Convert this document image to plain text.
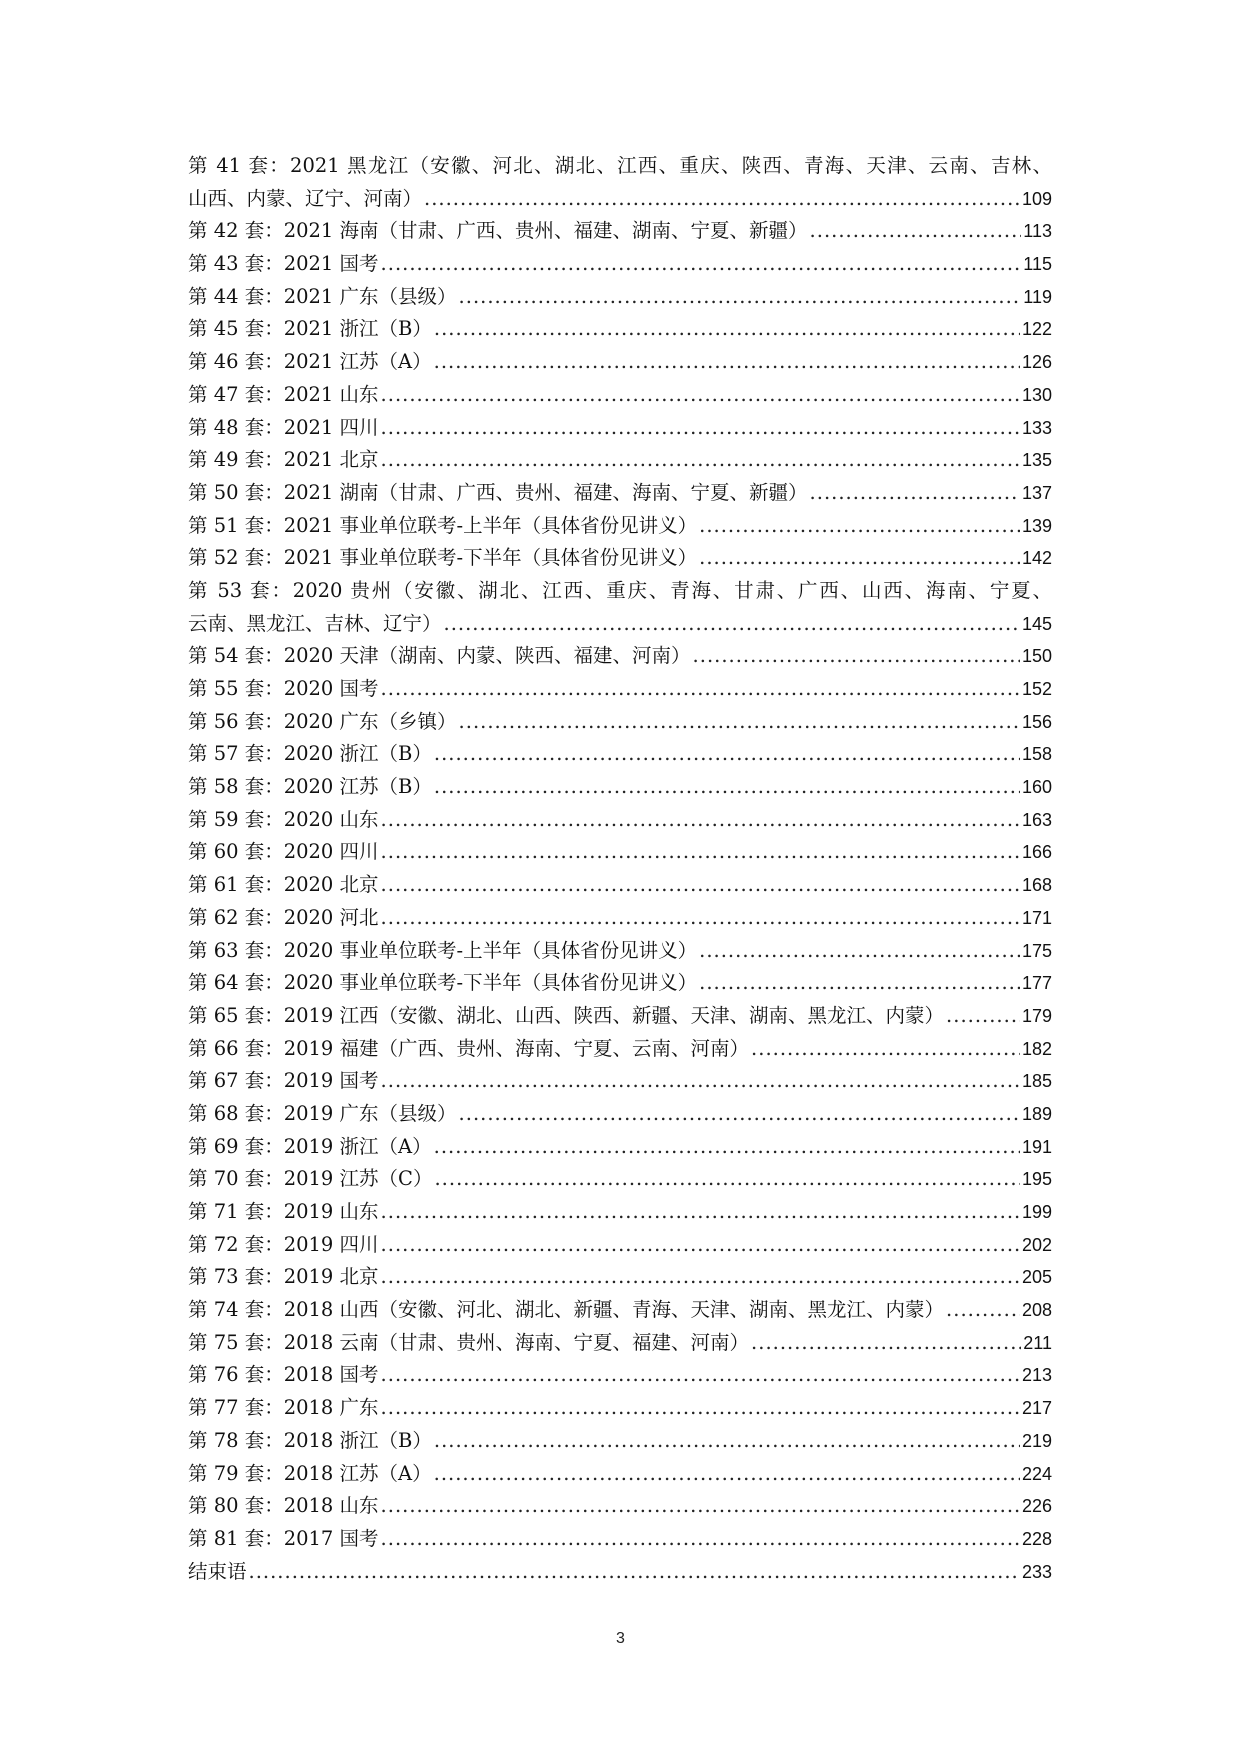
第 41 套：2021 黑龙江（安徽、河北、湖北、江西、重庆、陕西、青海、天津、云南、吉林、
山西、内蒙、辽宁、河南） .....	109
第 42 套：2021 海南（甘肃、广西、贵州、福建、湖南、宁夏、新疆） .....	113
第 43 套：2021 国考 .....	115
第 44 套：2021 广东（县级） .....	119
第 45 套：2021 浙江（B） .....	122
第 46 套：2021 江苏（A） .....	126
第 47 套：2021 山东 .....	130
第 48 套：2021 四川 .....	133
第 49 套：2021 北京 .....	135
第 50 套：2021 湖南（甘肃、广西、贵州、福建、海南、宁夏、新疆） .....	137
第 51 套：2021 事业单位联考-上半年（具体省份见讲义） .....	139
第 52 套：2021 事业单位联考-下半年（具体省份见讲义） .....	142
第 53 套：2020 贵州（安徽、湖北、江西、重庆、青海、甘肃、广西、山西、海南、宁夏、
云南、黑龙江、吉林、辽宁） .....	145
第 54 套：2020 天津（湖南、内蒙、陕西、福建、河南） .....	150
第 55 套：2020 国考 .....	152
第 56 套：2020 广东（乡镇） .....	156
第 57 套：2020 浙江（B） .....	158
第 58 套：2020 江苏（B） .....	160
第 59 套：2020 山东 .....	163
第 60 套：2020 四川 .....	166
第 61 套：2020 北京 .....	168
第 62 套：2020 河北 .....	171
第 63 套：2020 事业单位联考-上半年（具体省份见讲义） .....	175
第 64 套：2020 事业单位联考-下半年（具体省份见讲义） .....	177
第 65 套：2019 江西（安徽、湖北、山西、陕西、新疆、天津、湖南、黑龙江、内蒙） .....	179
第 66 套：2019 福建（广西、贵州、海南、宁夏、云南、河南） .....	182
第 67 套：2019 国考 .....	185
第 68 套：2019 广东（县级） .....	189
第 69 套：2019 浙江（A） .....	191
第 70 套：2019 江苏（C） .....	195
第 71 套：2019 山东 .....	199
第 72 套：2019 四川 .....	202
第 73 套：2019 北京 .....	205
第 74 套：2018 山西（安徽、河北、湖北、新疆、青海、天津、湖南、黑龙江、内蒙） .....	208
第 75 套：2018 云南（甘肃、贵州、海南、宁夏、福建、河南） .....	211
第 76 套：2018 国考 .....	213
第 77 套：2018 广东 .....	217
第 78 套：2018 浙江（B） .....	219
第 79 套：2018 江苏（A） .....	224
第 80 套：2018 山东 .....	226
第 81 套：2017 国考 .....	228
结束语 .....	233
3
